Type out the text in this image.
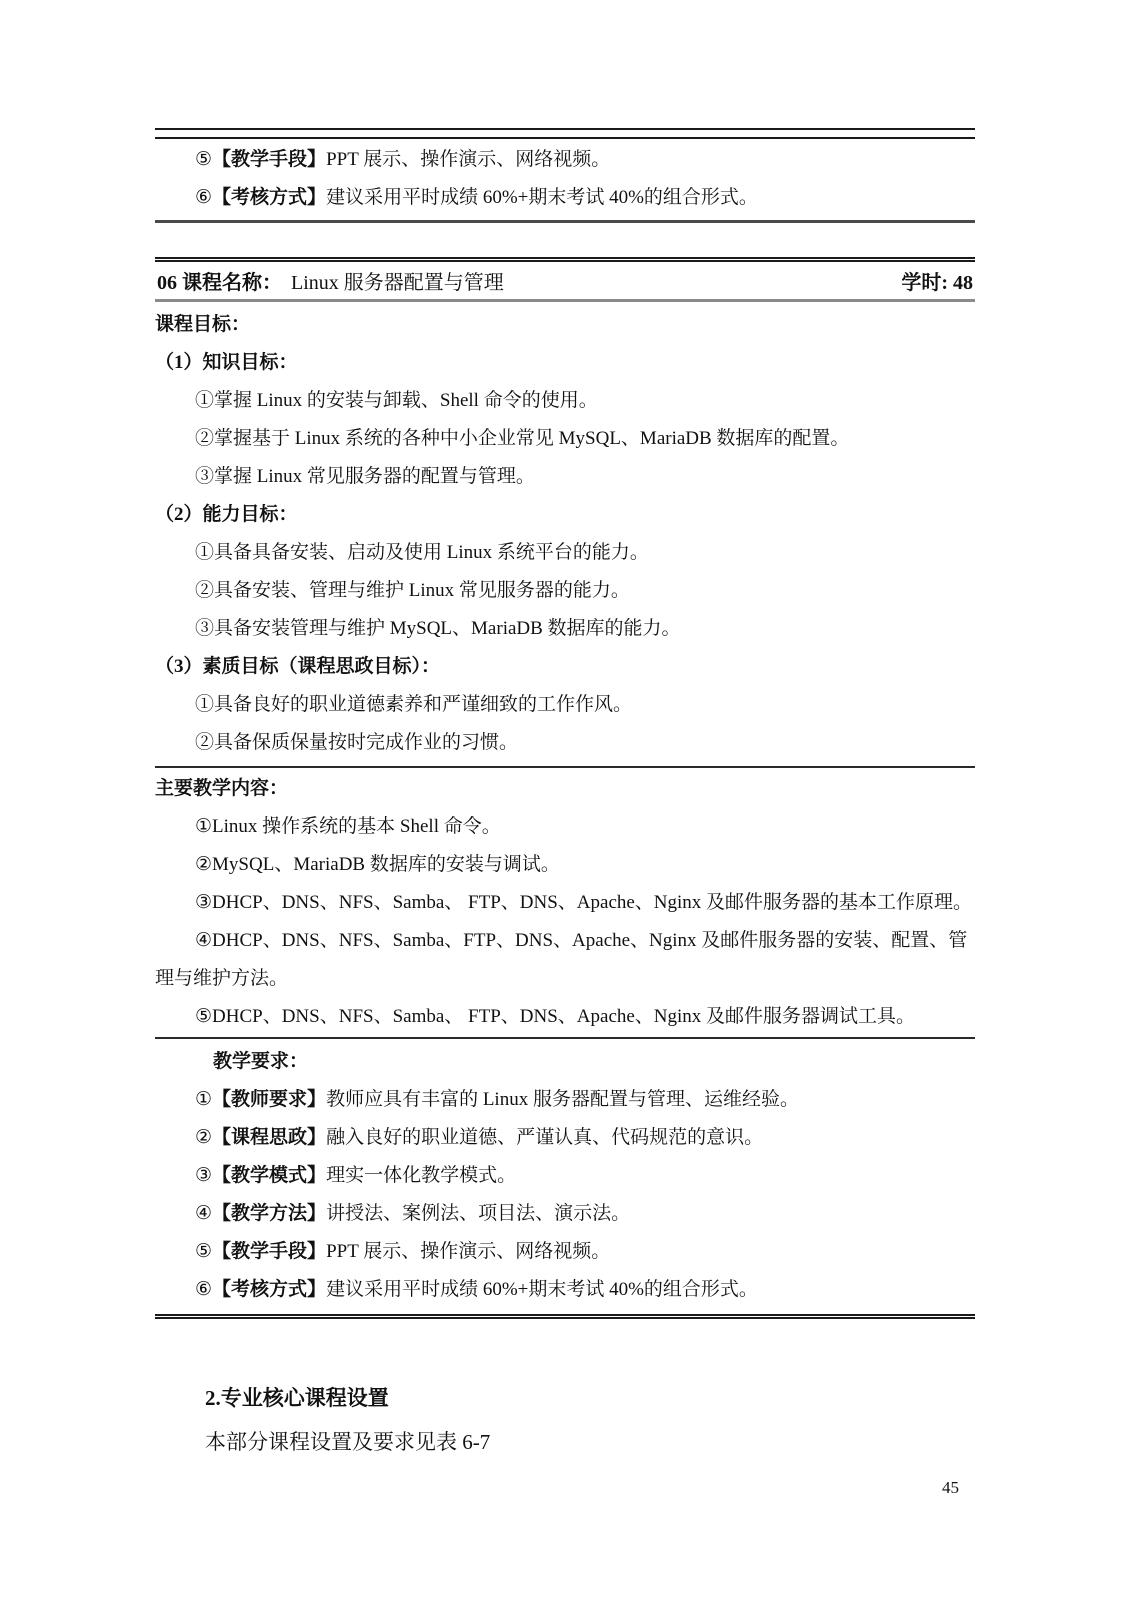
⑤【教学手段】PPT 展示、操作演示、网络视频。

⑥【考核方式】建议采用平时成绩 60%+期末考试 40%的组合形式。

06 课程名称： Linux 服务器配置与管理	学时: 48

课程目标：

（1）知识目标：

①掌握 Linux 的安装与卸载、Shell 命令的使用。

②掌握基于 Linux 系统的各种中小企业常见 MySQL、MariaDB 数据库的配置。

③掌握 Linux 常见服务器的配置与管理。

（2）能力目标：

①具备具备安装、启动及使用 Linux 系统平台的能力。

②具备安装、管理与维护 Linux 常见服务器的能力。

③具备安装管理与维护 MySQL、MariaDB 数据库的能力。

（3）素质目标（课程思政目标）：

①具备良好的职业道德素养和严谨细致的工作作风。

②具备保质保量按时完成作业的习惯。

主要教学内容：

①Linux 操作系统的基本 Shell 命令。

②MySQL、MariaDB 数据库的安装与调试。

③DHCP、DNS、NFS、Samba、 FTP、DNS、Apache、Nginx 及邮件服务器的基本工作原理。

④DHCP、DNS、NFS、Samba、FTP、DNS、Apache、Nginx 及邮件服务器的安装、配置、管理与维护方法。

⑤DHCP、DNS、NFS、Samba、 FTP、DNS、Apache、Nginx 及邮件服务器调试工具。

教学要求：

①【教师要求】教师应具有丰富的 Linux 服务器配置与管理、运维经验。

②【课程思政】融入良好的职业道德、严谨认真、代码规范的意识。

③【教学模式】理实一体化教学模式。

④【教学方法】讲授法、案例法、项目法、演示法。

⑤【教学手段】PPT 展示、操作演示、网络视频。

⑥【考核方式】建议采用平时成绩 60%+期末考试 40%的组合形式。

2.专业核心课程设置

本部分课程设置及要求见表 6-7

45
